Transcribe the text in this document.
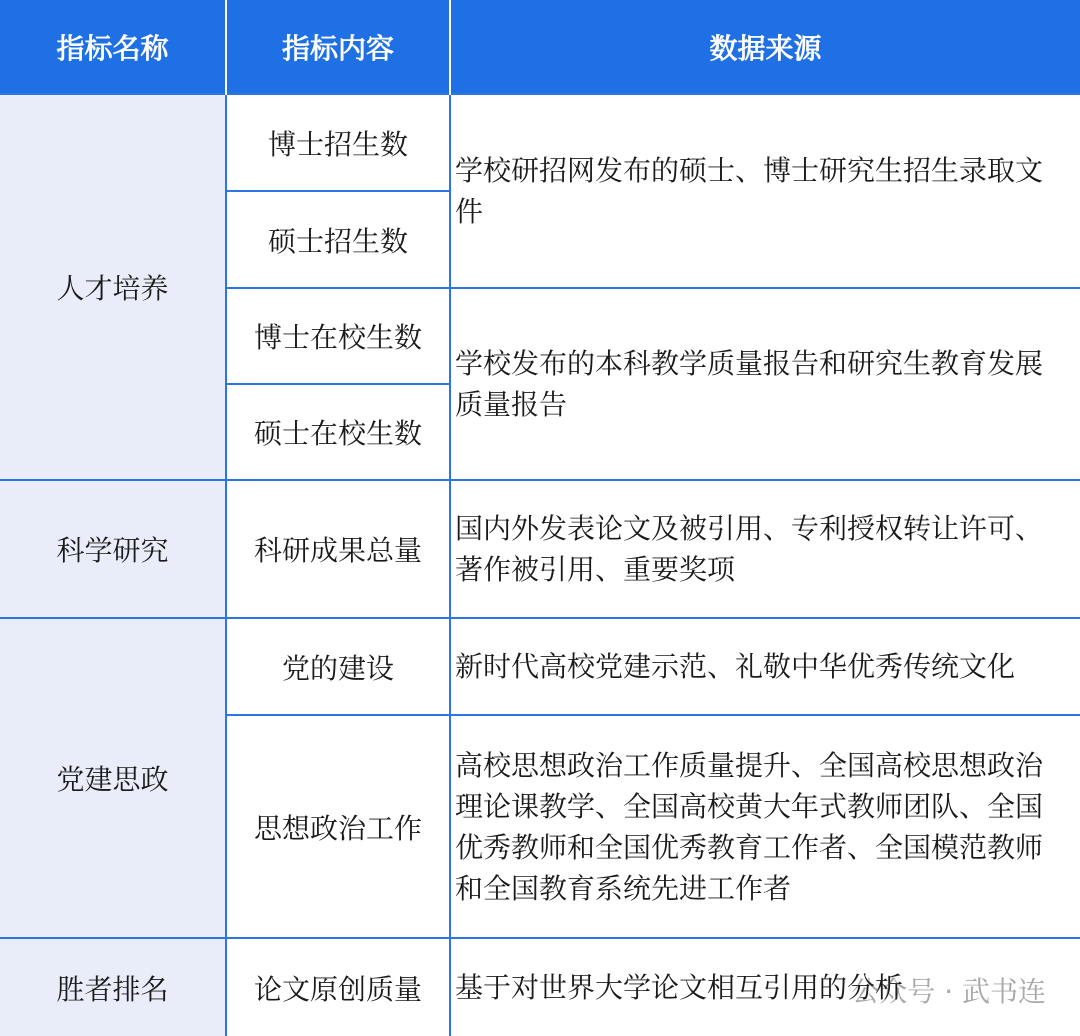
指标名称	指标内容	数据来源
人才培养	博士招生数	学校研招网发布的硕士、博士研究生招生录取文件
	硕士招生数	
	博士在校生数	学校发布的本科教学质量报告和研究生教育发展质量报告
	硕士在校生数	
科学研究	科研成果总量	国内外发表论文及被引用、专利授权转让许可、著作被引用、重要奖项
党建思政	党的建设	新时代高校党建示范、礼敬中华优秀传统文化
	思想政治工作	高校思想政治工作质量提升、全国高校思想政治理论课教学、全国高校黄大年式教师团队、全国优秀教师和全国优秀教育工作者、全国模范教师和全国教育系统先进工作者
胜者排名	论文原创质量	基于对世界大学论文相互引用的分析
公众号 · 武书连
